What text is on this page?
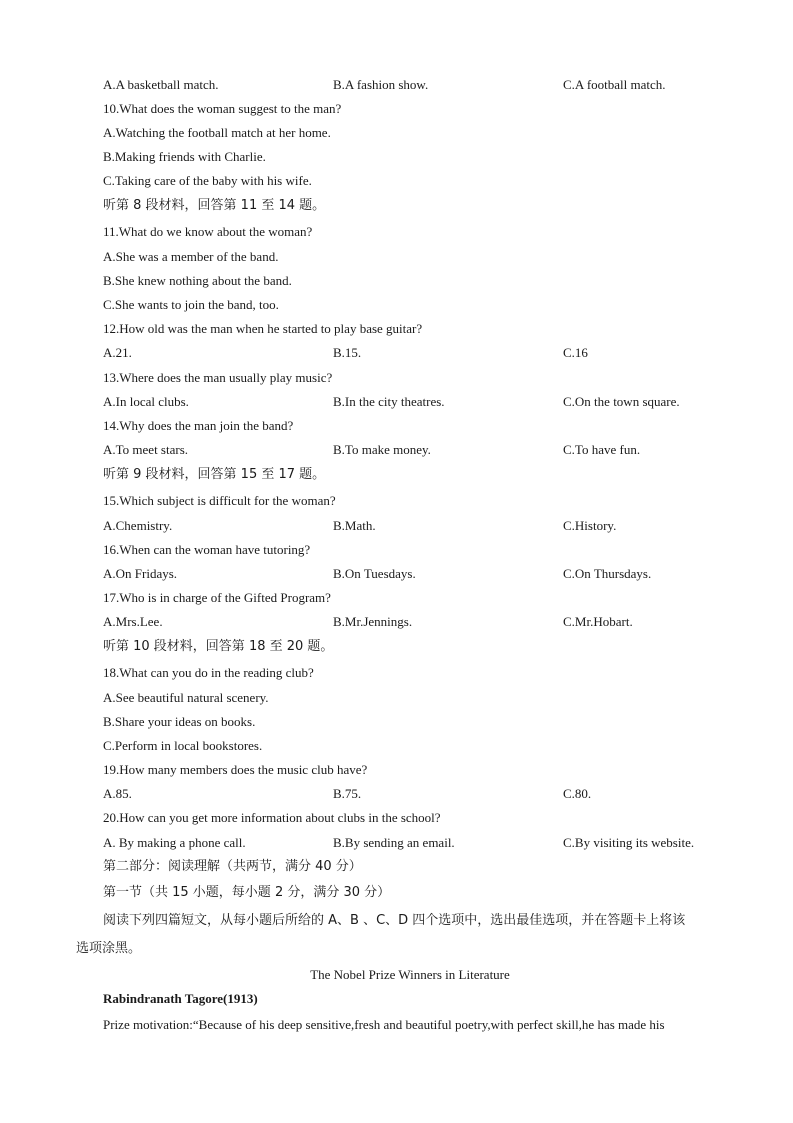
A.A basketball match.	B.A fashion show.	C.A football match.
10.What does the woman suggest to the man?
A.Watching the football match at her home.
B.Making friends with Charlie.
C.Taking care of the baby with his wife.
听第 8 段材料，回答第 11 至 14 题。
11.What do we know about the woman?
A.She was a member of the band.
B.She knew nothing about the band.
C.She wants to join the band, too.
12.How old was the man when he started to play base guitar?
A.21.	B.15.	C.16
13.Where does the man usually play music?
A.In local clubs.	B.In the city theatres.	C.On the town square.
14.Why does the man join the band?
A.To meet stars.	B.To make money.	C.To have fun.
听第 9 段材料，回答第 15 至 17 题。
15.Which subject is difficult for the woman?
A.Chemistry.	B.Math.	C.History.
16.When can the woman have tutoring?
A.On Fridays.	B.On Tuesdays.	C.On Thursdays.
17.Who is in charge of the Gifted Program?
A.Mrs.Lee.	B.Mr.Jennings.	C.Mr.Hobart.
听第 10 段材料，回答第 18 至 20 题。
18.What can you do in the reading club?
A.See beautiful natural scenery.
B.Share your ideas on books.
C.Perform in local bookstores.
19.How many members does the music club have?
A.85.	B.75.	C.80.
20.How can you get more information about clubs in the school?
A. By making a phone call.	B.By sending an email.	C.By visiting its website.
第二部分：阅读理解（共两节，满分 40 分）
第一节（共 15 小题，每小题 2 分，满分 30 分）
阅读下列四篇短文，从每小题后所给的 A、B 、C、D 四个选项中，选出最佳选项，并在答题卡上将该
选项涂黑。
The Nobel Prize Winners in Literature
Rabindranath Tagore(1913)
Prize motivation:“Because of his deep sensitive,fresh and beautiful poetry,with perfect skill,he has made his
